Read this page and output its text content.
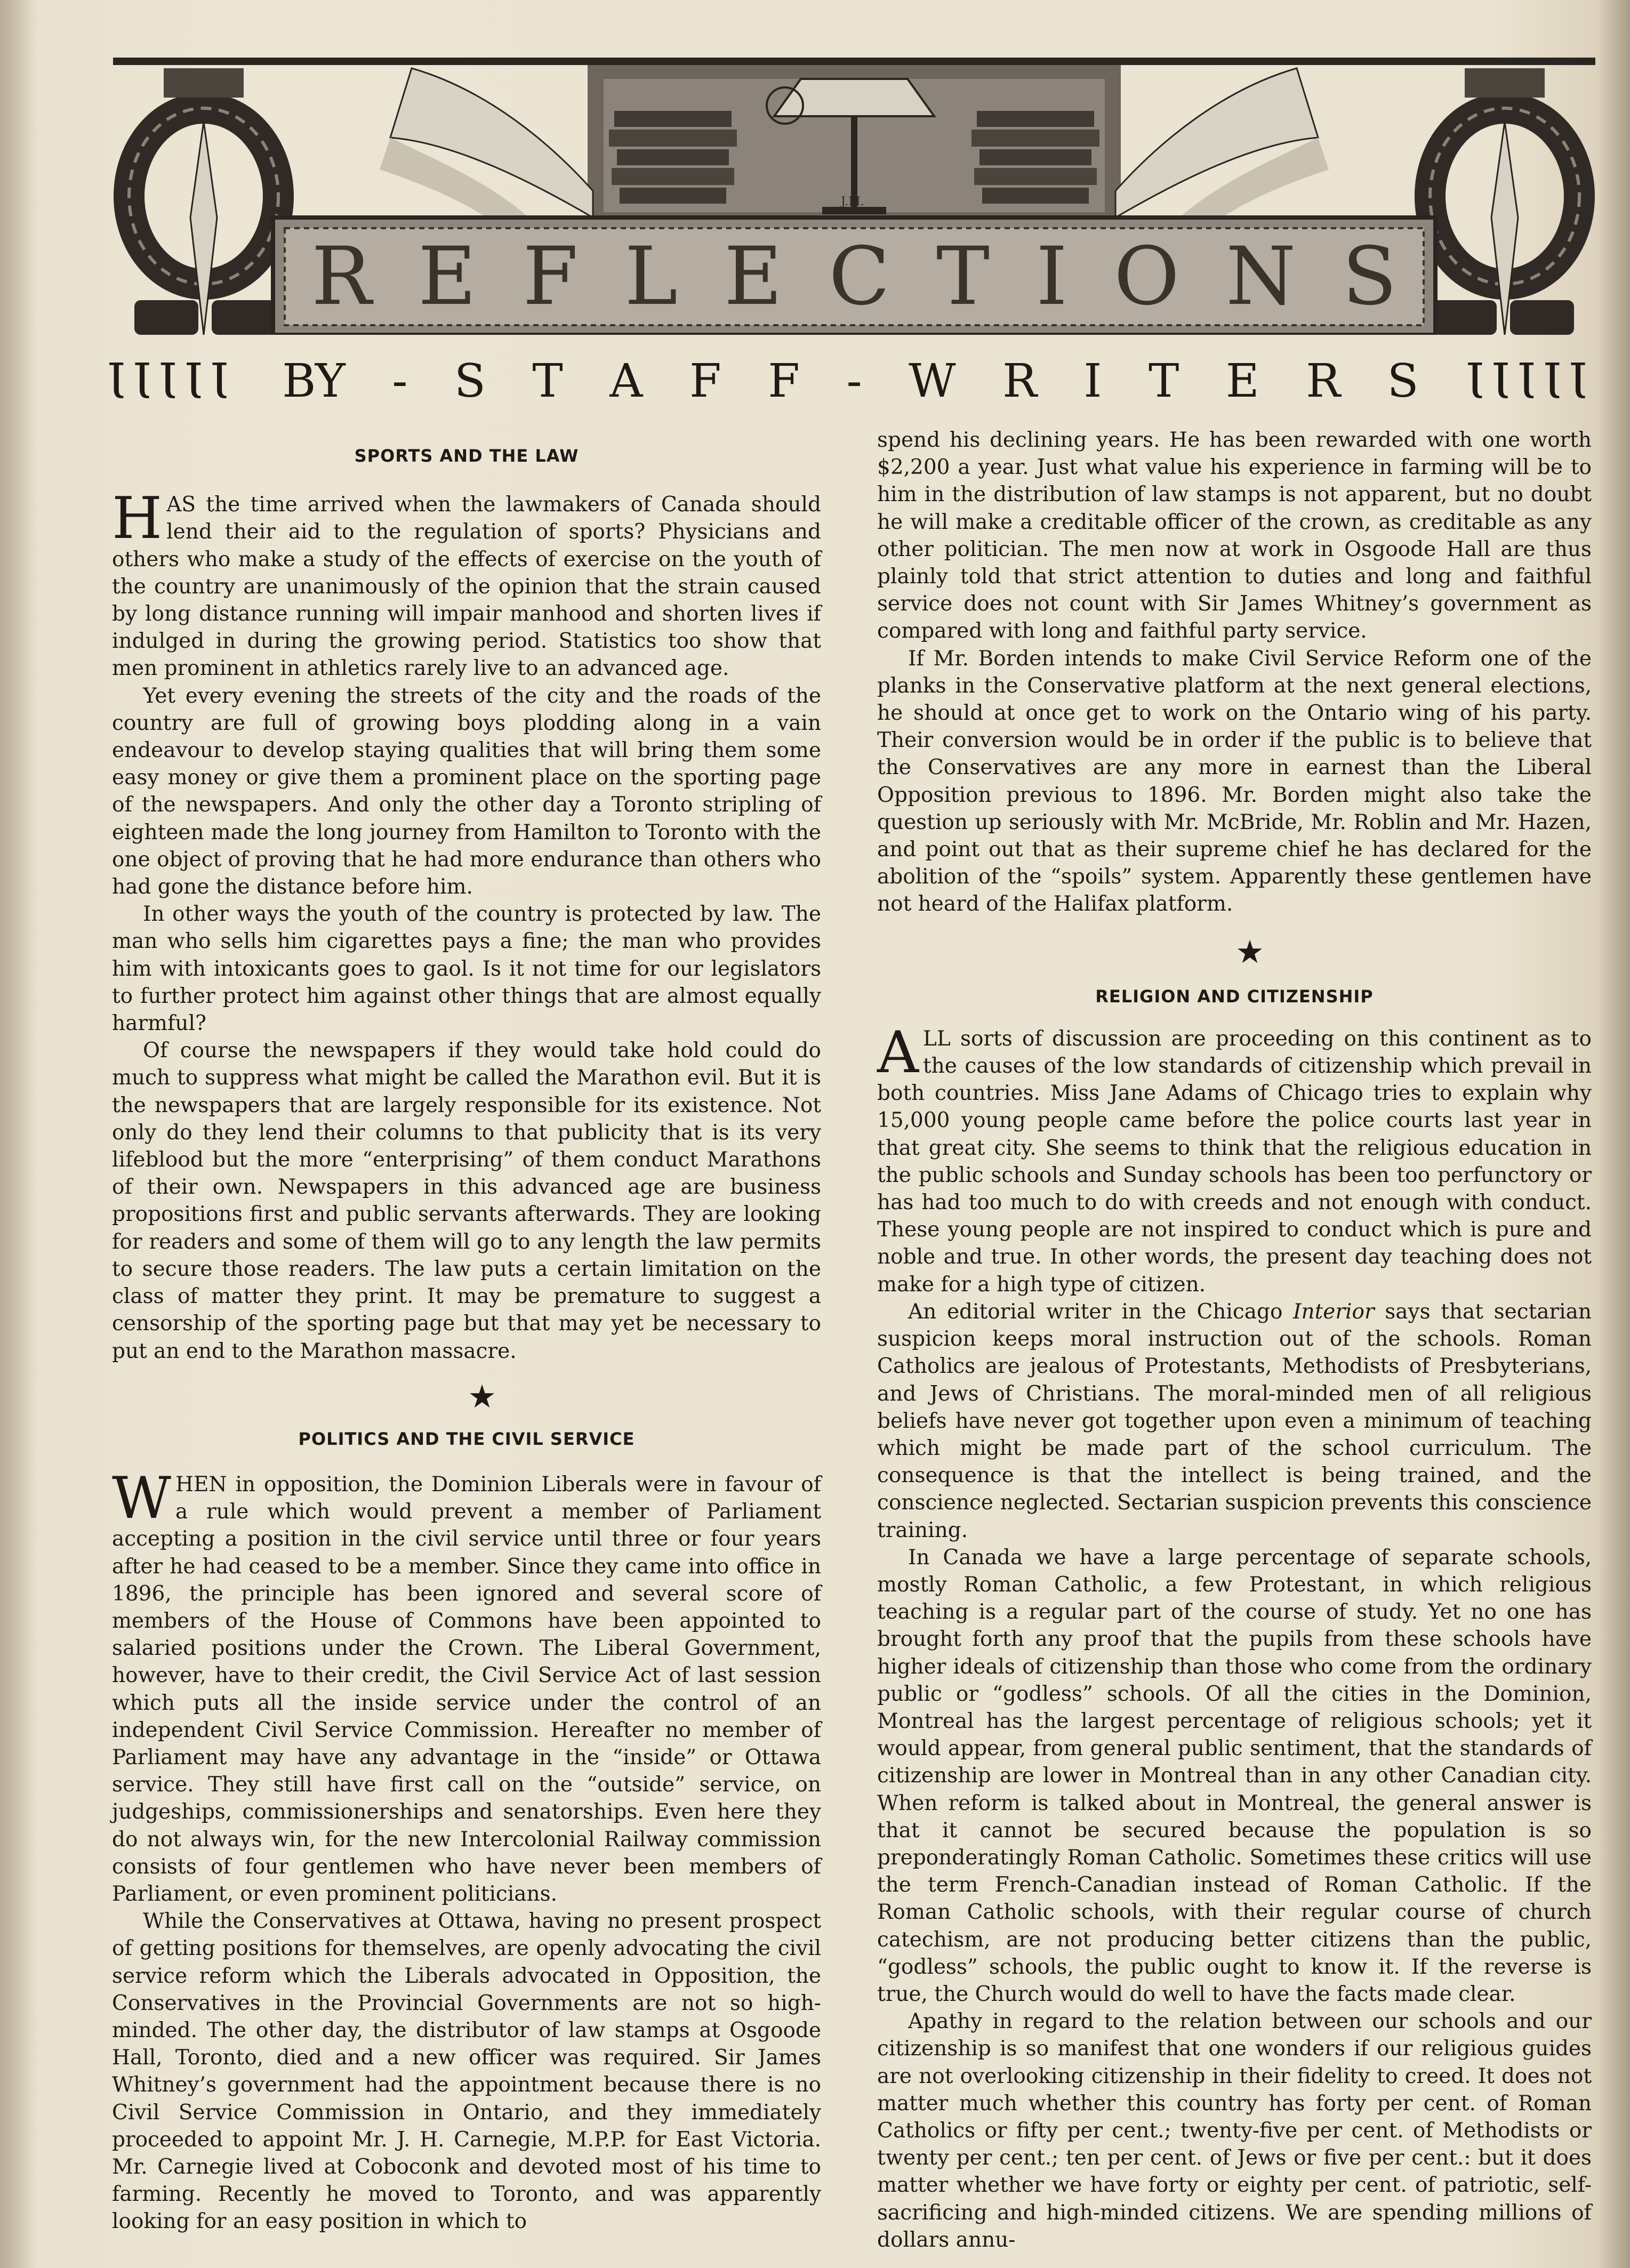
R E F L E C T I O N S
J.M.
ƖƖƖƖƖ BY - S T A F F - W R I T E R S ƖƖƖƖƖ
SPORTS AND THE LAW

HAS the time arrived when the lawmakers of Canada should lend their aid to the regulation of sports? Physicians and others who make a study of the effects of exercise on the youth of the country are unanimously of the opinion that the strain caused by long distance running will impair manhood and shorten lives if indulged in during the growing period. Statistics too show that men prominent in athletics rarely live to an advanced age.

Yet every evening the streets of the city and the roads of the country are full of growing boys plodding along in a vain endeavour to develop staying qualities that will bring them some easy money or give them a prominent place on the sporting page of the newspapers. And only the other day a Toronto stripling of eighteen made the long journey from Hamilton to Toronto with the one object of proving that he had more endurance than others who had gone the distance before him.

In other ways the youth of the country is protected by law. The man who sells him cigarettes pays a fine; the man who provides him with intoxicants goes to gaol. Is it not time for our legislators to further protect him against other things that are almost equally harmful?

Of course the newspapers if they would take hold could do much to suppress what might be called the Marathon evil. But it is the newspapers that are largely responsible for its existence. Not only do they lend their columns to that publicity that is its very lifeblood but the more “enterprising” of them conduct Marathons of their own. Newspapers in this advanced age are business propositions first and public servants afterwards. They are looking for readers and some of them will go to any length the law permits to secure those readers. The law puts a certain limitation on the class of matter they print. It may be premature to suggest a censorship of the sporting page but that may yet be necessary to put an end to the Marathon massacre.

★

POLITICS AND THE CIVIL SERVICE

WHEN in opposition, the Dominion Liberals were in favour of a rule which would prevent a member of Parliament accepting a position in the civil service until three or four years after he had ceased to be a member. Since they came into office in 1896, the principle has been ignored and several score of members of the House of Commons have been appointed to salaried positions under the Crown. The Liberal Government, however, have to their credit, the Civil Service Act of last session which puts all the inside service under the control of an independent Civil Service Commission. Hereafter no member of Parliament may have any advantage in the “inside” or Ottawa service. They still have first call on the “outside” service, on judgeships, commissionerships and senatorships. Even here they do not always win, for the new Intercolonial Railway commission consists of four gentlemen who have never been members of Parliament, or even prominent politicians.

While the Conservatives at Ottawa, having no present prospect of getting positions for themselves, are openly advocating the civil service reform which the Liberals advocated in Opposition, the Conservatives in the Provincial Governments are not so high-minded. The other day, the distributor of law stamps at Osgoode Hall, Toronto, died and a new officer was required. Sir James Whitney’s government had the appointment because there is no Civil Service Commission in Ontario, and they immediately proceeded to appoint Mr. J. H. Carnegie, M.P.P. for East Victoria. Mr. Carnegie lived at Coboconk and devoted most of his time to farming. Recently he moved to Toronto, and was apparently looking for an easy position in which to

spend his declining years. He has been rewarded with one worth $2,200 a year. Just what value his experience in farming will be to him in the distribution of law stamps is not apparent, but no doubt he will make a creditable officer of the crown, as creditable as any other politician. The men now at work in Osgoode Hall are thus plainly told that strict attention to duties and long and faithful service does not count with Sir James Whitney’s government as compared with long and faithful party service.

If Mr. Borden intends to make Civil Service Reform one of the planks in the Conservative platform at the next general elections, he should at once get to work on the Ontario wing of his party. Their conversion would be in order if the public is to believe that the Conservatives are any more in earnest than the Liberal Opposition previous to 1896. Mr. Borden might also take the question up seriously with Mr. McBride, Mr. Roblin and Mr. Hazen, and point out that as their supreme chief he has declared for the abolition of the “spoils” system. Apparently these gentlemen have not heard of the Halifax platform.

★

RELIGION AND CITIZENSHIP

ALL sorts of discussion are proceeding on this continent as to the causes of the low standards of citizenship which prevail in both countries. Miss Jane Adams of Chicago tries to explain why 15,000 young people came before the police courts last year in that great city. She seems to think that the religious education in the public schools and Sunday schools has been too perfunctory or has had too much to do with creeds and not enough with conduct. These young people are not inspired to conduct which is pure and noble and true. In other words, the present day teaching does not make for a high type of citizen.

An editorial writer in the Chicago Interior says that sectarian suspicion keeps moral instruction out of the schools. Roman Catholics are jealous of Protestants, Methodists of Presbyterians, and Jews of Christians. The moral-minded men of all religious beliefs have never got together upon even a minimum of teaching which might be made part of the school curriculum. The consequence is that the intellect is being trained, and the conscience neglected. Sectarian suspicion prevents this conscience training.

In Canada we have a large percentage of separate schools, mostly Roman Catholic, a few Protestant, in which religious teaching is a regular part of the course of study. Yet no one has brought forth any proof that the pupils from these schools have higher ideals of citizenship than those who come from the ordinary public or “godless” schools. Of all the cities in the Dominion, Montreal has the largest percentage of religious schools; yet it would appear, from general public sentiment, that the standards of citizenship are lower in Montreal than in any other Canadian city. When reform is talked about in Montreal, the general answer is that it cannot be secured because the population is so preponderatingly Roman Catholic. Sometimes these critics will use the term French-Canadian instead of Roman Catholic. If the Roman Catholic schools, with their regular course of church catechism, are not producing better citizens than the public, “godless” schools, the public ought to know it. If the reverse is true, the Church would do well to have the facts made clear.

Apathy in regard to the relation between our schools and our citizenship is so manifest that one wonders if our religious guides are not overlooking citizenship in their fidelity to creed. It does not matter much whether this country has forty per cent. of Roman Catholics or fifty per cent.; twenty-five per cent. of Methodists or twenty per cent.; ten per cent. of Jews or five per cent.: but it does matter whether we have forty or eighty per cent. of patriotic, self-sacrificing and high-minded citizens. We are spending millions of dollars annu-
